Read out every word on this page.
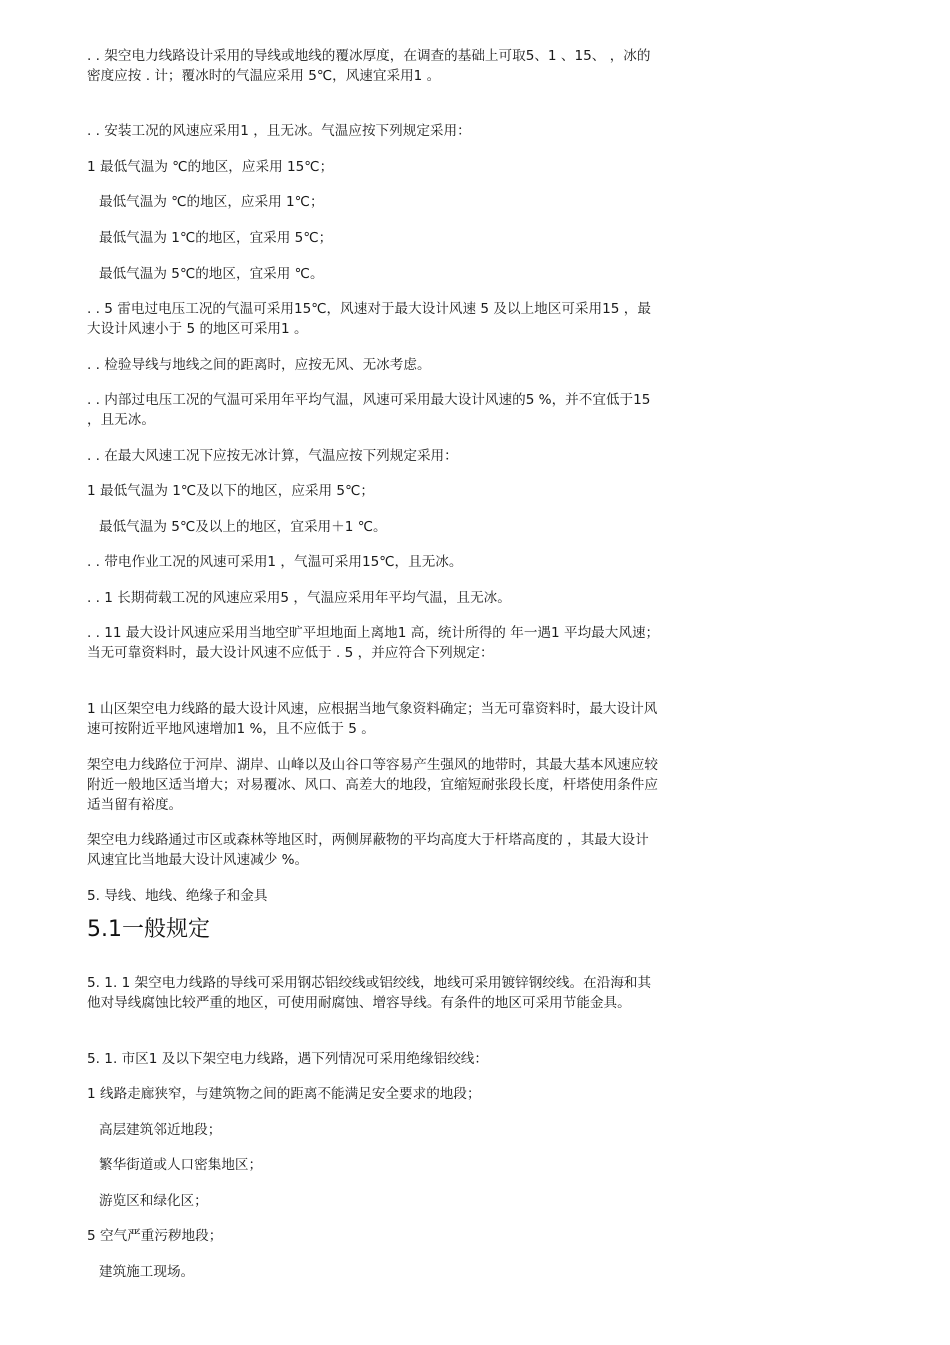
. . 架空电力线路设计采用的导线或地线的覆冰厚度，在调查的基础上可取5、1 、15、 ，冰的密度应按 . 计；覆冰时的气温应采用 5℃，风速宜采用1 。

. . 安装工况的风速应采用1 ，且无冰。气温应按下列规定采用：

1 最低气温为 ℃的地区，应采用 15℃；

最低气温为 ℃的地区，应采用 1℃；

最低气温为 1℃的地区，宜采用 5℃；

最低气温为 5℃的地区，宜采用 ℃。

. . 5 雷电过电压工况的气温可采用15℃，风速对于最大设计风速 5 及以上地区可采用15 ，最大设计风速小于 5 的地区可采用1 。

. . 检验导线与地线之间的距离时，应按无风、无冰考虑。

. . 内部过电压工况的气温可采用年平均气温，风速可采用最大设计风速的5 %，并不宜低于15 ，且无冰。

. . 在最大风速工况下应按无冰计算，气温应按下列规定采用：

1 最低气温为 1℃及以下的地区，应采用 5℃；

最低气温为 5℃及以上的地区，宜采用＋1 ℃。

. . 带电作业工况的风速可采用1 ，气温可采用15℃，且无冰。

. . 1 长期荷载工况的风速应采用5 ，气温应采用年平均气温，且无冰。

. . 11 最大设计风速应采用当地空旷平坦地面上离地1 高，统计所得的 年一遇1 平均最大风速；当无可靠资料时，最大设计风速不应低于 . 5 ，并应符合下列规定：

1 山区架空电力线路的最大设计风速，应根据当地气象资料确定；当无可靠资料时，最大设计风速可按附近平地风速增加1 %，且不应低于 5 。

架空电力线路位于河岸、湖岸、山峰以及山谷口等容易产生强风的地带时，其最大基本风速应较附近一般地区适当增大；对易覆冰、风口、高差大的地段，宜缩短耐张段长度，杆塔使用条件应适当留有裕度。

架空电力线路通过市区或森林等地区时，两侧屏蔽物的平均高度大于杆塔高度的 ，其最大设计风速宜比当地最大设计风速减少 %。

5. 导线、地线、绝缘子和金具

5.1一般规定

5. 1. 1 架空电力线路的导线可采用钢芯铝绞线或铝绞线，地线可采用镀锌钢绞线。在沿海和其他对导线腐蚀比较严重的地区，可使用耐腐蚀、增容导线。有条件的地区可采用节能金具。

5. 1. 市区1 及以下架空电力线路，遇下列情况可采用绝缘铝绞线：

1 线路走廊狭窄，与建筑物之间的距离不能满足安全要求的地段；

高层建筑邻近地段；

繁华街道或人口密集地区；

游览区和绿化区；

5 空气严重污秽地段；

建筑施工现场。
